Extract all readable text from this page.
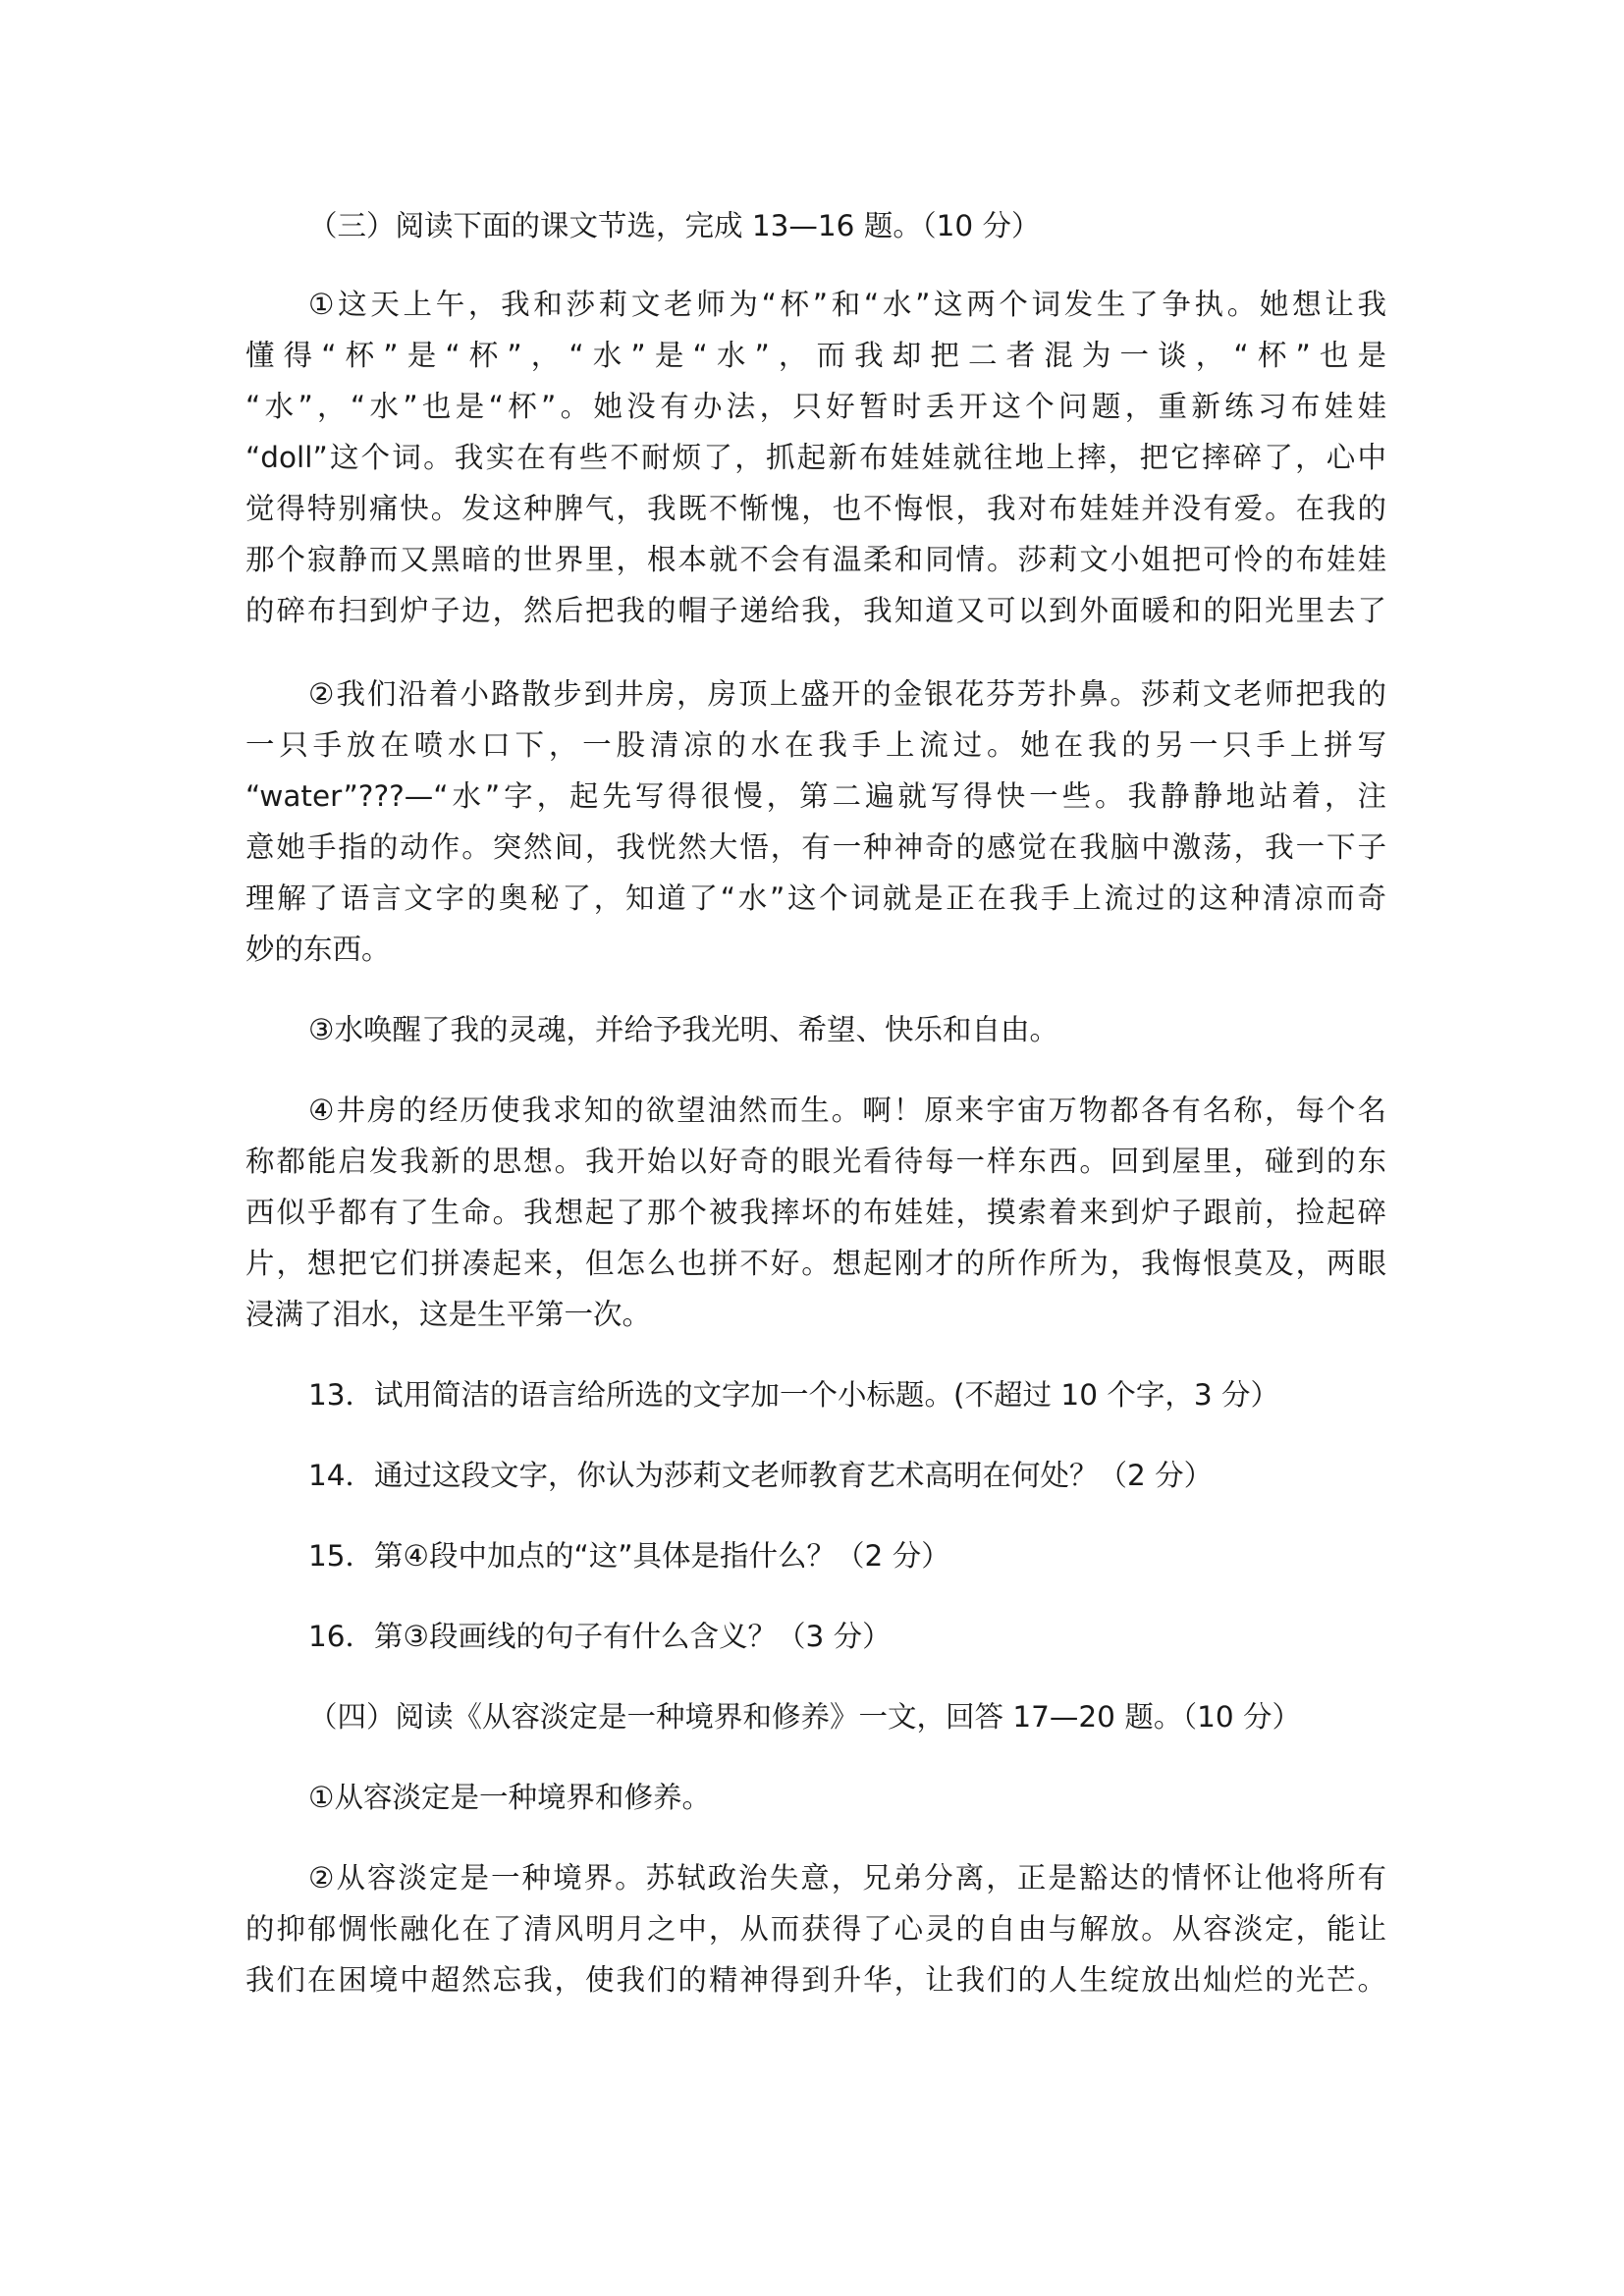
（三）阅读下面的课文节选，完成 13—16 题。（10 分）
①这天上午，我和莎莉文老师为“杯”和“水”这两个词发生了争执。她想让我
懂得“杯”是“杯”，“水”是“水”，而我却把二者混为一谈，“杯”也是
“水”，“水”也是“杯”。她没有办法，只好暂时丢开这个问题，重新练习布娃娃
“doll”这个词。我实在有些不耐烦了，抓起新布娃娃就往地上摔，把它摔碎了，心中
觉得特别痛快。发这种脾气，我既不惭愧，也不悔恨，我对布娃娃并没有爱。在我的
那个寂静而又黑暗的世界里，根本就不会有温柔和同情。莎莉文小姐把可怜的布娃娃
的碎布扫到炉子边，然后把我的帽子递给我，我知道又可以到外面暖和的阳光里去了
②我们沿着小路散步到井房，房顶上盛开的金银花芬芳扑鼻。莎莉文老师把我的
一只手放在喷水口下，一股清凉的水在我手上流过。她在我的另一只手上拼写
“water”???—“水”字，起先写得很慢，第二遍就写得快一些。我静静地站着，注
意她手指的动作。突然间，我恍然大悟，有一种神奇的感觉在我脑中激荡，我一下子
理解了语言文字的奥秘了，知道了“水”这个词就是正在我手上流过的这种清凉而奇
妙的东西。
③水唤醒了我的灵魂，并给予我光明、希望、快乐和自由。
④井房的经历使我求知的欲望油然而生。啊！原来宇宙万物都各有名称，每个名
称都能启发我新的思想。我开始以好奇的眼光看待每一样东西。回到屋里，碰到的东
西似乎都有了生命。我想起了那个被我摔坏的布娃娃，摸索着来到炉子跟前，捡起碎
片，想把它们拼凑起来，但怎么也拼不好。想起刚才的所作所为，我悔恨莫及，两眼
浸满了泪水，这是生平第一次。
13．试用简洁的语言给所选的文字加一个小标题。(不超过 10 个字，3 分）
14．通过这段文字，你认为莎莉文老师教育艺术高明在何处？（2 分）
15．第④段中加点的“这”具体是指什么？（2 分）
16．第③段画线的句子有什么含义？（3 分）
（四）阅读《从容淡定是一种境界和修养》一文，回答 17—20 题。（10 分）
①从容淡定是一种境界和修养。
②从容淡定是一种境界。苏轼政治失意，兄弟分离，正是豁达的情怀让他将所有
的抑郁惆怅融化在了清风明月之中，从而获得了心灵的自由与解放。从容淡定，能让
我们在困境中超然忘我，使我们的精神得到升华，让我们的人生绽放出灿烂的光芒。
